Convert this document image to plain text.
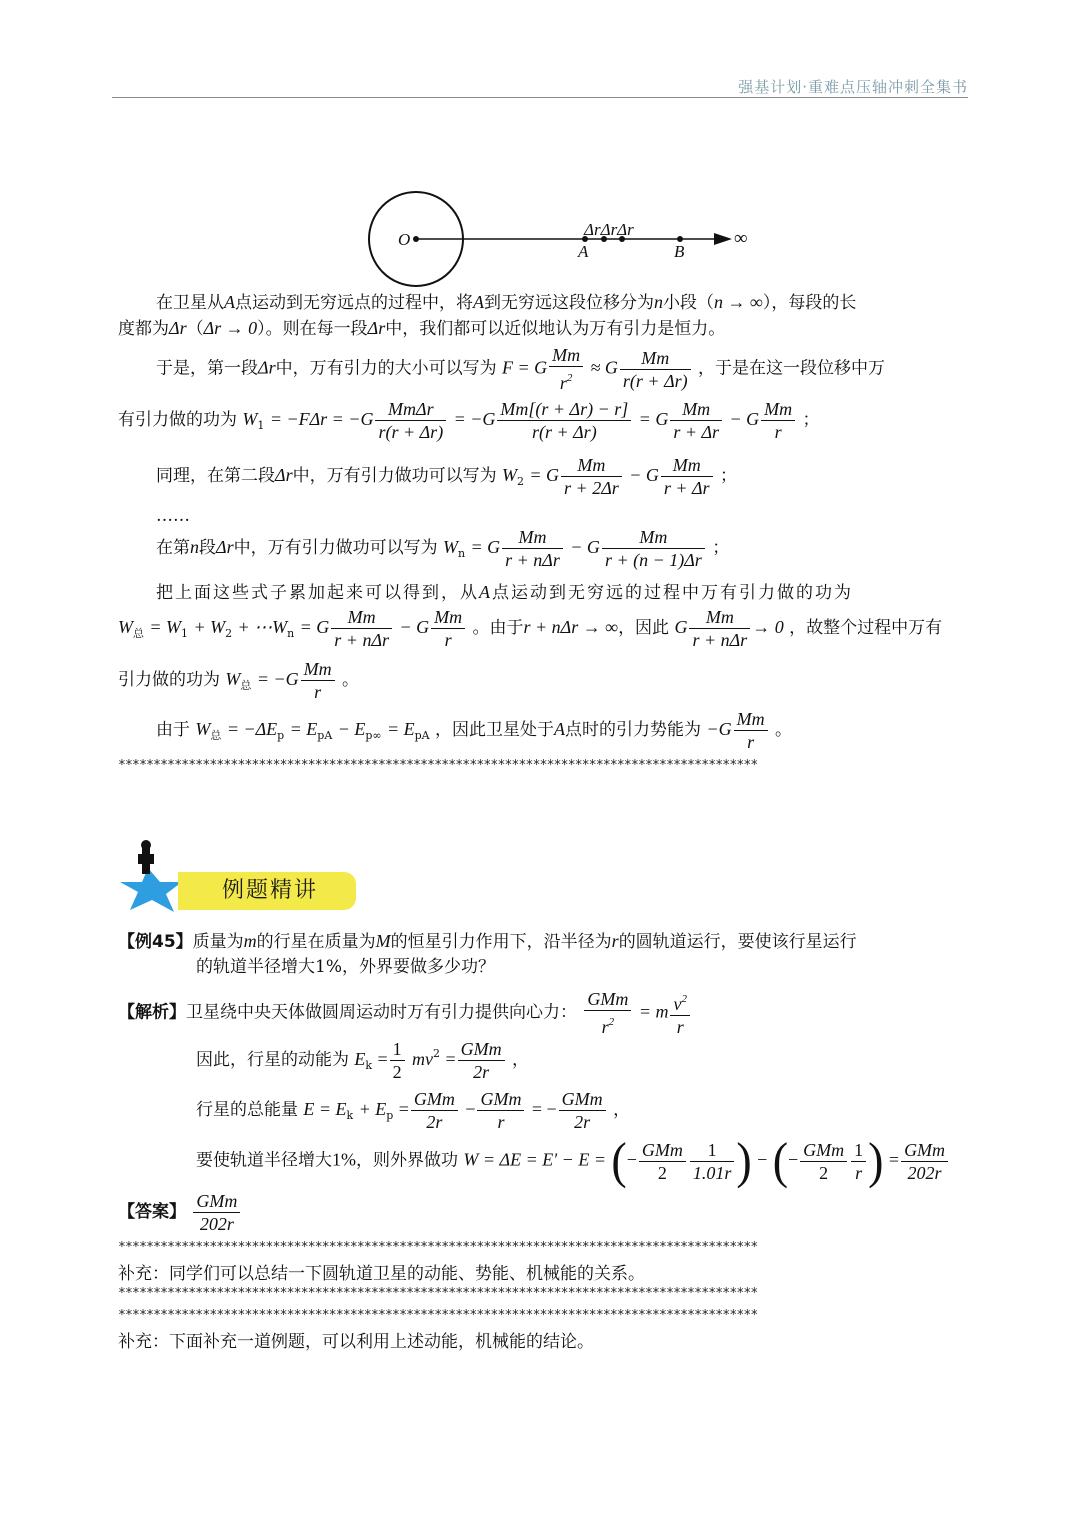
强基计划·重难点压轴冲刺全集书
O
ΔrΔrΔr
A	B
∞
在卫星从A点运动到无穷远点的过程中，将A到无穷远这段位移分为n小段（n → ∞），每段的长
度都为Δr（Δr → 0）。则在每一段Δr中，我们都可以近似地认为万有引力是恒力。
于是，第一段Δr中，万有引力的大小可以写为 F = G $\frac{Mm}{r^2} \approx G \frac{Mm}{r(r + \Delta r)}$ ，于是在这一段位移中万
有引力做的功为 $W_1 = -F\Delta r = -G \frac{\text{MmΔr}}{r(r + \Delta r)} = -G \frac{Mm[(r + \Delta r) - r]}{r(r + \Delta r)} = G \frac{Mm}{r + \Delta r} - G \frac{Mm}{r}$ ；
同理，在第二段Δr中，万有引力做功可以写为 $W_2 = G \frac{Mm}{r + 2\Delta r} - G \frac{Mm}{r + \Delta r}$ ；
……
在第n段Δr中，万有引力做功可以写为 $W_n = G \frac{Mm}{\text{r + nΔr}} - G \frac{Mm}{r + (n - 1)\Delta r}$ ；
把上面这些式子累加起来可以得到，从A点运动到无穷远的过程中万有引力做的功为
$W_总 = W_1 + W_2$ + $\cdots W_n = G \frac{Mm}{\text{r + nΔr}} - G \frac{Mm}{r}$ 。由于r + nΔr → ∞，因此 G $\frac{Mm}{\text{r + nΔr}} \to 0$ ，故整个过程中万有
引力做的功为 $W_总 = -G \frac{Mm}{r}$ 。
由于 $W_总 = -\Delta E_p = E_{pA} - E_{p\infty} = E_{pA}$ ，因此卫星处于A点时的引力势能为 $-G \frac{Mm}{r}$ 。
*******************************************************************************************
例题精讲
【例45】质量为m的行星在质量为M的恒星引力作用下，沿半径为r的圆轨道运行，要使该行星运行
的轨道半径增大1%，外界要做多少功？
【解析】卫星绕中央天体做圆周运动时万有引力提供向心力： $\frac{\text{GMm}}{r^2} = m \frac{v^2}{r}$
因此，行星的动能为 $E_k = \frac{1}{2} mv^2 = \frac{\text{GMm}}{2r}$ ，
行星的总能量 $E = E_k + E_p = \frac{\text{GMm}}{2r} - \frac{\text{GMm}}{r}$ = − $\frac{\text{GMm}}{2r}$ ，
要使轨道半径增大1%，则外界做功 W = ΔE = E′ − E = (− $\frac{\text{GMm}}{2} \frac{1}{1.01r}$ ) − (− $\frac{\text{GMm}}{2} \frac{1}{r}$ ) = $\frac{\text{GMm}}{202r}$
【答案】 $\frac{\text{GMm}}{202r}$
*******************************************************************************************
补充：同学们可以总结一下圆轨道卫星的动能、势能、机械能的关系。
*******************************************************************************************
*******************************************************************************************
补充：下面补充一道例题，可以利用上述动能，机械能的结论。
